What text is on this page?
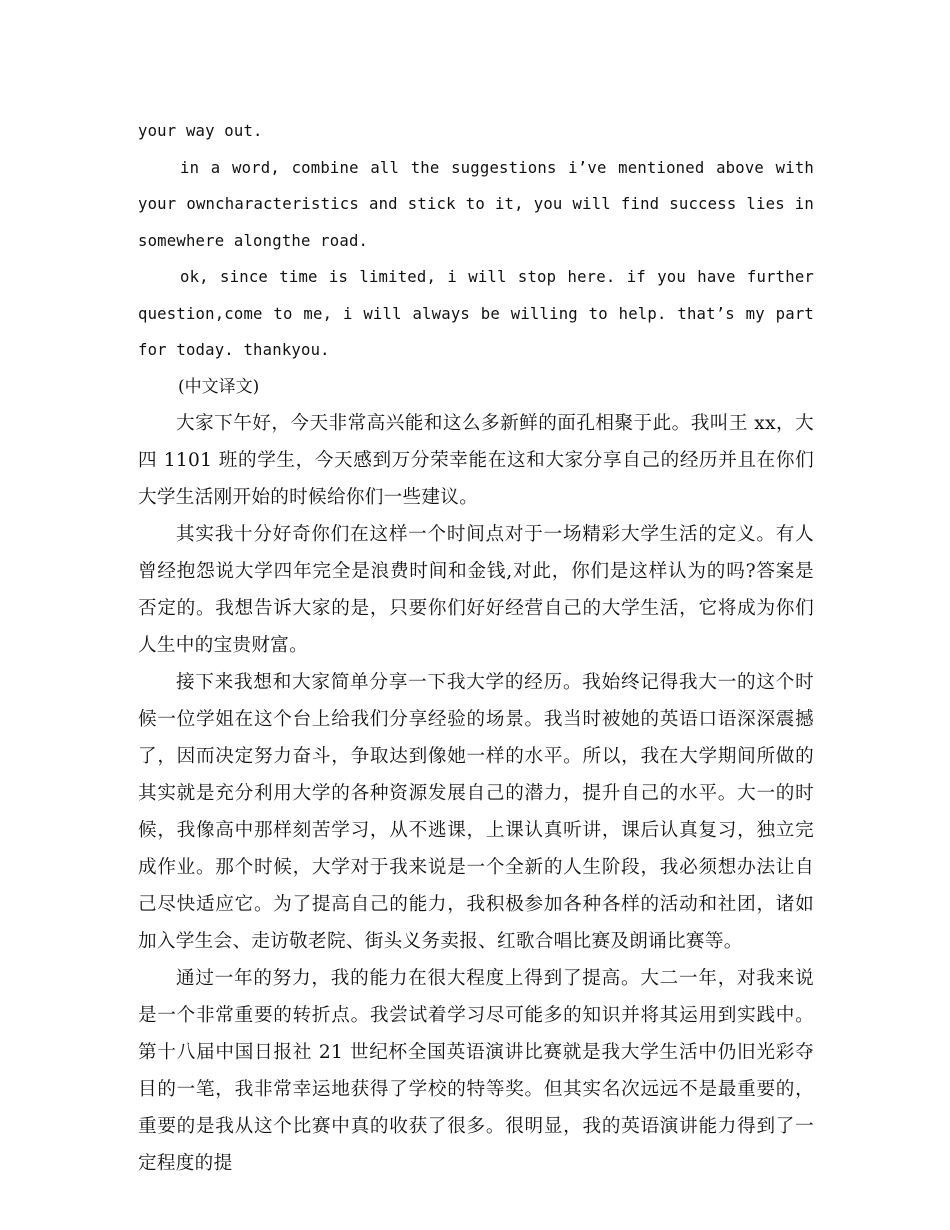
your way out.

in a word, combine all the suggestions i’ve mentioned above with your owncharacteristics and stick to it, you will find success lies in somewhere alongthe road.

ok, since time is limited, i will stop here. if you have further question,come to me, i will always be willing to help. that’s my part for today. thankyou.

(中文译文)

大家下午好，今天非常高兴能和这么多新鲜的面孔相聚于此。我叫王 xx，大四 1101 班的学生，今天感到万分荣幸能在这和大家分享自己的经历并且在你们大学生活刚开始的时候给你们一些建议。

其实我十分好奇你们在这样一个时间点对于一场精彩大学生活的定义。有人曾经抱怨说大学四年完全是浪费时间和金钱,对此，你们是这样认为的吗?答案是否定的。我想告诉大家的是，只要你们好好经营自己的大学生活，它将成为你们人生中的宝贵财富。

接下来我想和大家简单分享一下我大学的经历。我始终记得我大一的这个时候一位学姐在这个台上给我们分享经验的场景。我当时被她的英语口语深深震撼了，因而决定努力奋斗，争取达到像她一样的水平。所以，我在大学期间所做的其实就是充分利用大学的各种资源发展自己的潜力，提升自己的水平。大一的时候，我像高中那样刻苦学习，从不逃课，上课认真听讲，课后认真复习，独立完成作业。那个时候，大学对于我来说是一个全新的人生阶段，我必须想办法让自己尽快适应它。为了提高自己的能力，我积极参加各种各样的活动和社团，诸如加入学生会、走访敬老院、街头义务卖报、红歌合唱比赛及朗诵比赛等。

通过一年的努力，我的能力在很大程度上得到了提高。大二一年，对我来说是一个非常重要的转折点。我尝试着学习尽可能多的知识并将其运用到实践中。第十八届中国日报社 21 世纪杯全国英语演讲比赛就是我大学生活中仍旧光彩夺目的一笔，我非常幸运地获得了学校的特等奖。但其实名次远远不是最重要的，重要的是我从这个比赛中真的收获了很多。很明显，我的英语演讲能力得到了一定程度的提
